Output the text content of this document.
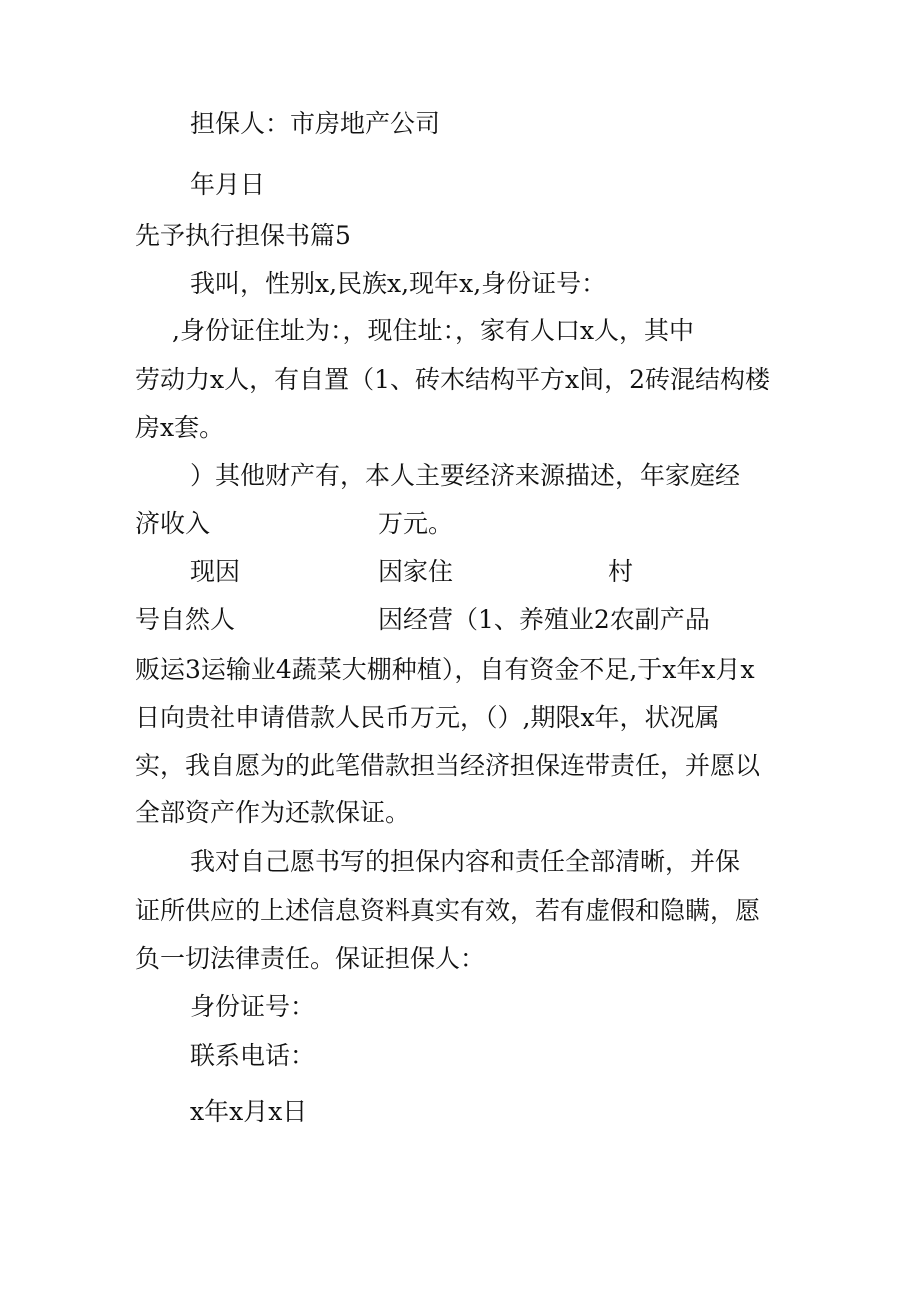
担保人：市房地产公司
年月日
先予执行担保书篇5
我叫，性别x,民族x,现年x,身份证号：
,身份证住址为：，现住址：，家有人口x人，其中
劳动力x人，有自置（1、砖木结构平方x间，2砖混结构楼
房x套。
）其他财产有，本人主要经济来源描述，年家庭经
济收入	万元。
现因	因家住	村
号自然人	因经营（1、养殖业2农副产品
贩运3运输业4蔬菜大棚种植），自有资金不足,于x年x月x
日向贵社申请借款人民币万元，（）,期限x年，状况属
实，我自愿为的此笔借款担当经济担保连带责任，并愿以
全部资产作为还款保证。
我对自己愿书写的担保内容和责任全部清晰，并保
证所供应的上述信息资料真实有效，若有虚假和隐瞒，愿
负一切法律责任。保证担保人：
身份证号：
联系电话：
x年x月x日
